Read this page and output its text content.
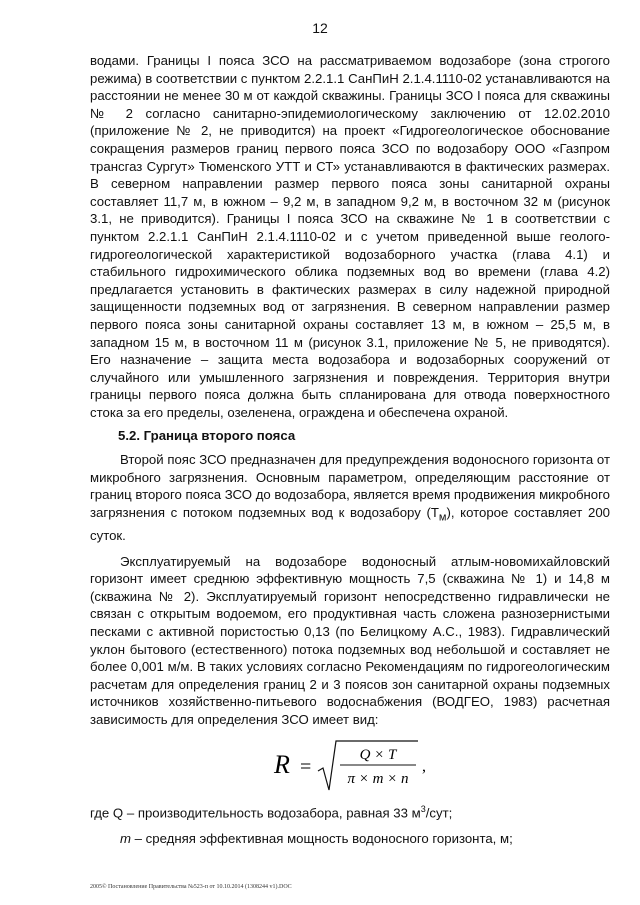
12

водами. Границы I пояса ЗСО на рассматриваемом водозаборе (зона строгого режима) в соответствии с пунктом 2.2.1.1 СанПиН 2.1.4.1110-02 устанавливаются на расстоянии не менее 30 м от каждой скважины. Границы ЗСО I пояса для скважины № 2 согласно санитарно-эпидемиологическому заключению от 12.02.2010 (приложение № 2, не приводится) на проект «Гидрогеологическое обоснование сокращения размеров границ первого пояса ЗСО по водозабору ООО «Газпром трансгаз Сургут» Тюменского УТТ и СТ» устанавливаются в фактических размерах. В северном направлении размер первого пояса зоны санитарной охраны составляет 11,7 м, в южном – 9,2 м, в западном 9,2 м, в восточном 32 м (рисунок 3.1, не приводится). Границы I пояса ЗСО на скважине № 1 в соответствии с пунктом 2.2.1.1 СанПиН 2.1.4.1110-02 и с учетом приведенной выше геолого-гидрогеологической характеристикой водозаборного участка (глава 4.1) и стабильного гидрохимического облика подземных вод во времени (глава 4.2) предлагается установить в фактических размерах в силу надежной природной защищенности подземных вод от загрязнения. В северном направлении размер первого пояса зоны санитарной охраны составляет 13 м, в южном – 25,5 м, в западном 15 м, в восточном 11 м (рисунок 3.1, приложение № 5, не приводятся). Его назначение – защита места водозабора и водозаборных сооружений от случайного или умышленного загрязнения и повреждения. Территория внутри границы первого пояса должна быть спланирована для отвода поверхностного стока за его пределы, озеленена, ограждена и обеспечена охраной.

5.2. Граница второго пояса

Второй пояс ЗСО предназначен для предупреждения водоносного горизонта от микробного загрязнения. Основным параметром, определяющим расстояние от границ второго пояса ЗСО до водозабора, является время продвижения микробного загрязнения с потоком подземных вод к водозабору $(T_м)$, которое составляет 200 суток.

Эксплуатируемый на водозаборе водоносный атлым-новомихайловский горизонт имеет среднюю эффективную мощность 7,5 (скважина № 1) и 14,8 м (скважина № 2). Эксплуатируемый горизонт непосредственно гидравлически не связан с открытым водоемом, его продуктивная часть сложена разнозернистыми песками с активной пористостью 0,13 (по Белицкому А.С., 1983). Гидравлический уклон бытового (естественного) потока подземных вод небольшой и составляет не более 0,001 м/м. В таких условиях согласно Рекомендациям по гидрогеологическим расчетам для определения границ 2 и 3 поясов зон санитарной охраны подземных источников хозяйственно-питьевого водоснабжения (ВОДГЕО, 1983) расчетная зависимость для определения ЗСО имеет вид:

R =
Q × T
π × m × n
,

где Q – производительность водозабора, равная 33 $м^3$/сут;

m – средняя эффективная мощность водоносного горизонта, м;

2005© Постановление Правительства №523-п от 10.10.2014 (1308244 v1).DOC
